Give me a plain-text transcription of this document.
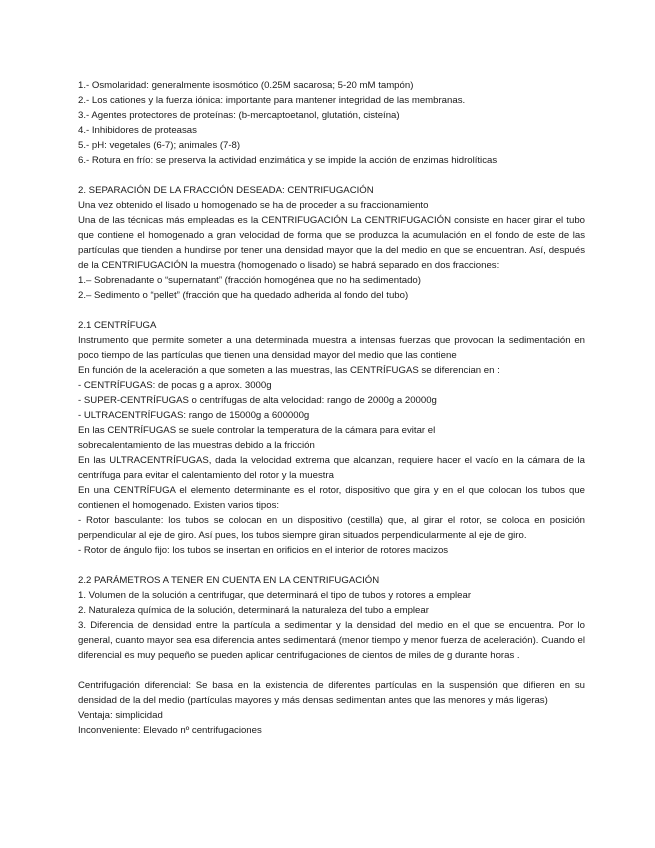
1.- Osmolaridad: generalmente isosmótico (0.25M sacarosa; 5-20 mM tampón)
2.- Los cationes y la fuerza iónica: importante para mantener integridad de las membranas.
3.- Agentes protectores de proteínas: (b-mercaptoetanol, glutatión, cisteína)
4.- Inhibidores de proteasas
5.- pH: vegetales (6-7); animales (7-8)
6.- Rotura en frío: se preserva la actividad enzimática y se impide la acción de enzimas hidrolíticas
2. SEPARACIÓN DE LA FRACCIÓN DESEADA: CENTRIFUGACIÓN
Una vez obtenido el lisado u homogenado se ha de proceder a su fraccionamiento
Una de las técnicas más empleadas es la CENTRIFUGACIÓN La CENTRIFUGACIÓN consiste en hacer girar el tubo que contiene el homogenado a gran velocidad de forma que se produzca la acumulación en el fondo de este de las partículas que tienden a hundirse por tener una densidad mayor que la del medio en que se encuentran. Así, después de la CENTRIFUGACIÓN la muestra (homogenado o lisado) se habrá separado en dos fracciones:
1.– Sobrenadante o “supernatant” (fracción homogénea que no ha sedimentado)
2.– Sedimento o “pellet” (fracción que ha quedado adherida al fondo del tubo)
2.1 CENTRÍFUGA
Instrumento que permite someter a una determinada muestra a intensas fuerzas que provocan la sedimentación en poco tiempo de las partículas que tienen una densidad mayor del medio que las contiene
En función de la aceleración a que someten a las muestras, las CENTRÍFUGAS se diferencian en :
- CENTRÍFUGAS: de pocas g a aprox. 3000g
- SUPER-CENTRÍFUGAS o centrífugas de alta velocidad: rango de 2000g a 20000g
- ULTRACENTRÍFUGAS: rango de 15000g a 600000g
En las CENTRÍFUGAS se suele controlar la temperatura de la cámara para evitar el
sobrecalentamiento de las muestras debido a la fricción
En las ULTRACENTRÍFUGAS, dada la velocidad extrema que alcanzan, requiere hacer el vacío en la cámara de la centrífuga para evitar el calentamiento del rotor y la muestra
En una CENTRÍFUGA el elemento determinante es el rotor, dispositivo que gira y en el que colocan los tubos que contienen el homogenado. Existen varios tipos:
- Rotor basculante: los tubos se colocan en un dispositivo (cestilla) que, al girar el rotor, se coloca en posición perpendicular al eje de giro. Así pues, los tubos siempre giran situados perpendicularmente al eje de giro.
- Rotor de ángulo fijo: los tubos se insertan en orificios en el interior de rotores macizos
2.2 PARÁMETROS A TENER EN CUENTA EN LA CENTRIFUGACIÓN
1. Volumen de la solución a centrifugar, que determinará el tipo de tubos y rotores a emplear
2. Naturaleza química de la solución, determinará la naturaleza del tubo a emplear
3. Diferencia de densidad entre la partícula a sedimentar y la densidad del medio en el que se encuentra. Por lo general, cuanto mayor sea esa diferencia antes sedimentará (menor tiempo y menor fuerza de aceleración). Cuando el diferencial es muy pequeño se pueden aplicar centrifugaciones de cientos de miles de g durante horas .
Centrifugación diferencial: Se basa en la existencia de diferentes partículas en la suspensión que difieren en su densidad de la del medio (partículas mayores y más densas sedimentan antes que las menores y más ligeras)
Ventaja: simplicidad
Inconveniente: Elevado nº centrifugaciones
